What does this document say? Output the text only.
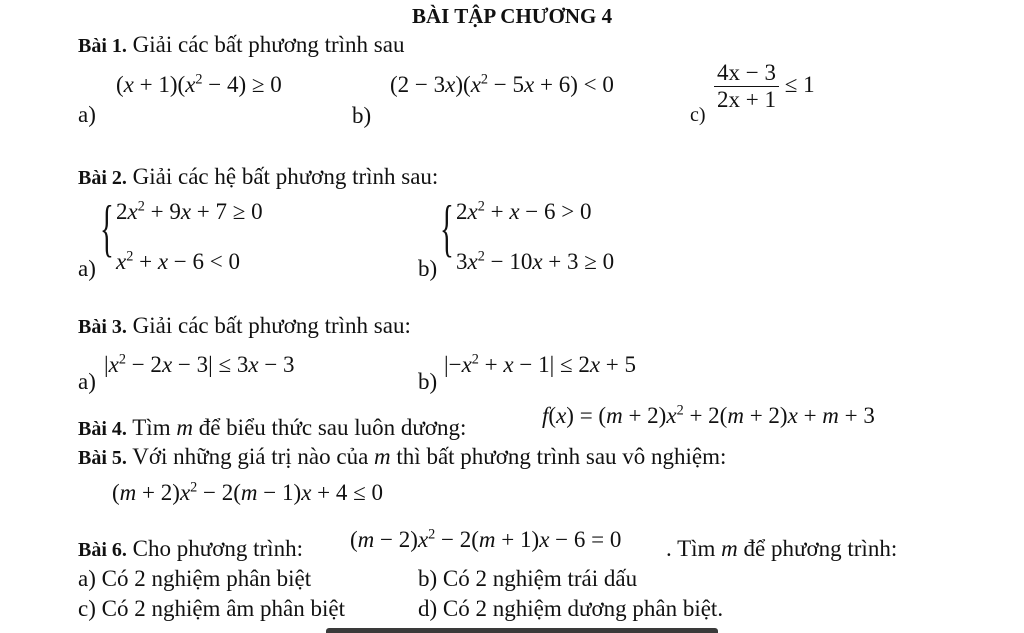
BÀI TẬP CHƯƠNG 4
Bài 1. Giải các bất phương trình sau
a)
$(x + 1)(x^2 - 4) \ge 0$
b)
$(2 - 3x)(x^2 - 5x + 6) < 0$
c)
$\frac{4x - 3}{2x + 1} \le 1$
Bài 2. Giải các hệ bất phương trình sau:
a)
{ $2x^2 + 9x + 7 \ge 0$
$x^2 + x - 6 < 0$	b)
{ $2x^2 + x - 6 > 0$
$3x^2 - 10x + 3 \ge 0$
Bài 3. Giải các bất phương trình sau:
a)
$|x^2 - 2x - 3| \le 3x - 3$
b)
$|-x^2 + x - 1| \le 2x + 5$
Bài 4. Tìm m để biểu thức sau luôn dương:	$f(x) = (m + 2)x^2 + 2(m + 2)x + m + 3$
Bài 5. Với những giá trị nào của m thì bất phương trình sau vô nghiệm:
$(m + 2)x^2 - 2(m - 1)x + 4 \le 0$
Bài 6. Cho phương trình: $(m - 2)x^2 - 2(m + 1)x - 6 = 0$ . Tìm m để phương trình:
a) Có 2 nghiệm phân biệt	b) Có 2 nghiệm trái dấu
c) Có 2 nghiệm âm phân biệt	d) Có 2 nghiệm dương phân biệt.
